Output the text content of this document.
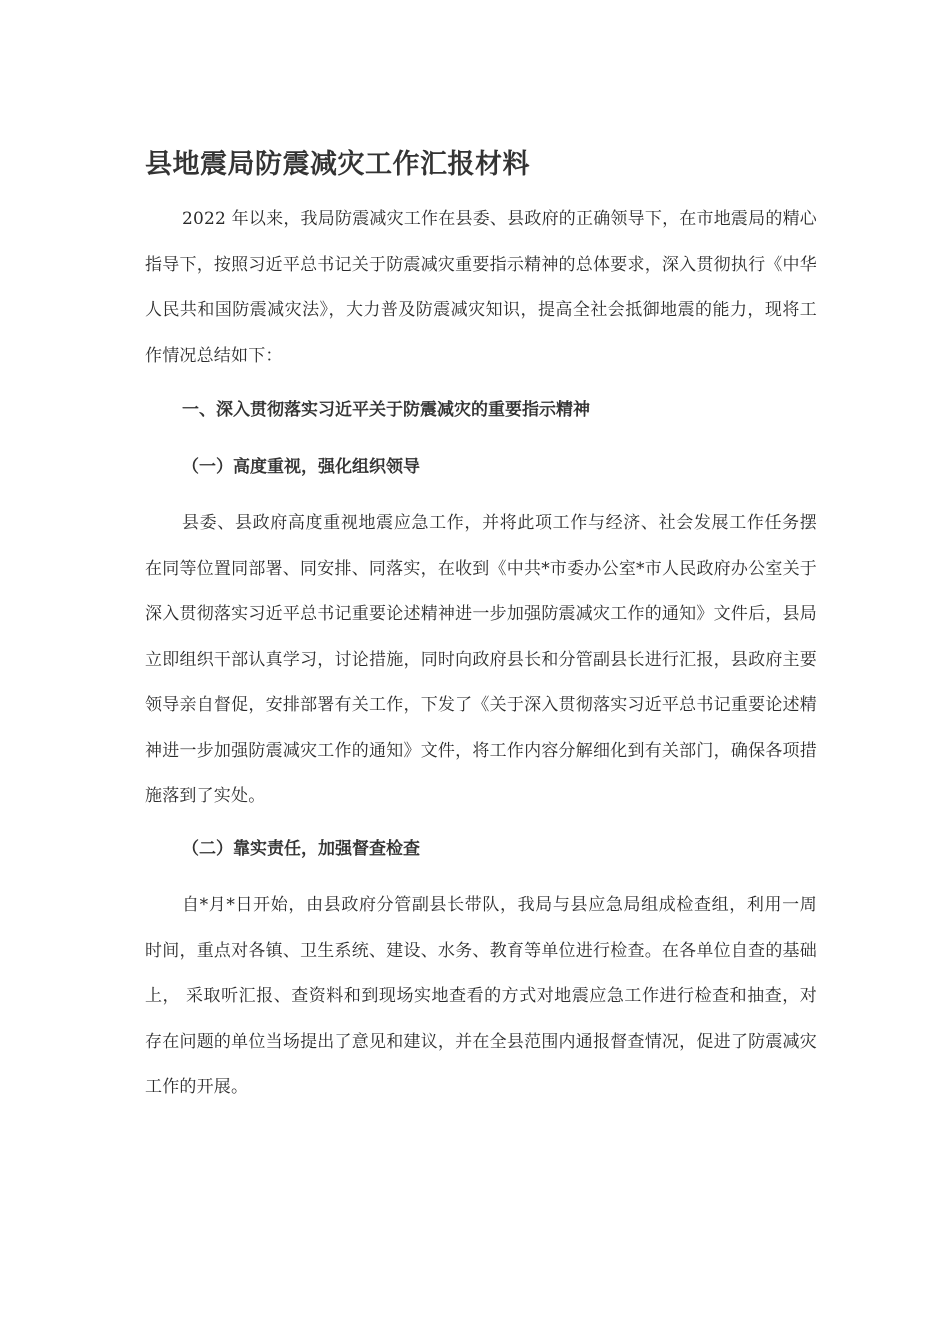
县地震局防震减灾工作汇报材料

2022 年以来，我局防震减灾工作在县委、县政府的正确领导下，在市地震局的精心指导下，按照习近平总书记关于防震减灾重要指示精神的总体要求，深入贯彻执行《中华人民共和国防震减灾法》，大力普及防震减灾知识，提高全社会抵御地震的能力，现将工作情况总结如下：

一、深入贯彻落实习近平关于防震减灾的重要指示精神
（一）高度重视，强化组织领导

县委、县政府高度重视地震应急工作，并将此项工作与经济、社会发展工作任务摆在同等位置同部署、同安排、同落实，在收到《中共*市委办公室*市人民政府办公室关于深入贯彻落实习近平总书记重要论述精神进一步加强防震减灾工作的通知》文件后，县局立即组织干部认真学习，讨论措施，同时向政府县长和分管副县长进行汇报，县政府主要领导亲自督促，安排部署有关工作，下发了《关于深入贯彻落实习近平总书记重要论述精神进一步加强防震减灾工作的通知》文件，将工作内容分解细化到有关部门，确保各项措施落到了实处。

（二）靠实责任，加强督查检查

自*月*日开始，由县政府分管副县长带队，我局与县应急局组成检查组，利用一周时间，重点对各镇、卫生系统、建设、水务、教育等单位进行检查。在各单位自查的基础上， 采取听汇报、查资料和到现场实地查看的方式对地震应急工作进行检查和抽查，对存在问题的单位当场提出了意见和建议，并在全县范围内通报督查情况，促进了防震减灾工作的开展。
